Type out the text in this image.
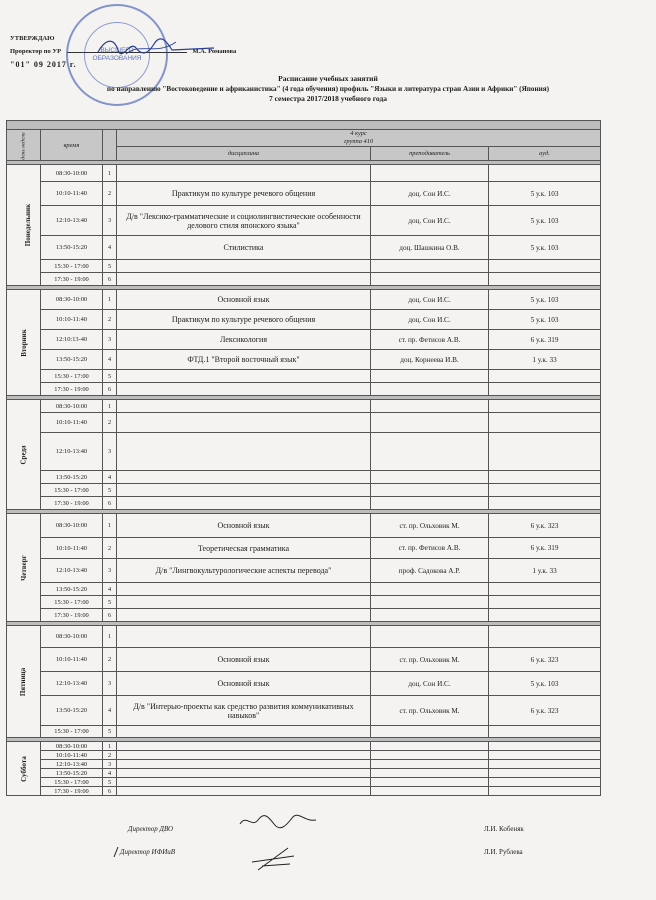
УТВЕРЖДАЮ
Проректор по УР	М.А. Романова
"01" 09 2017 г.
ВЫСШЕГО
ОБРАЗОВАНИЯ
Расписание учебных занятий
по направлению "Востоковедение и африканистика" (4 года обучения) профиль "Языки и литература стран Азии и Африки" (Япония)
7 семестра 2017/2018 учебного года

день недели	время		4 курс
группа 410		

			дисциплина	преподаватель	ауд.

Понедельник	08:30-10:00	1			
	10:10-11:40	2	Практикум по культуре речевого общения	доц. Сон И.С.	5 у.к. 103
	12:10-13:40	3	Д/в "Лексико-грамматические и социолингвистические особенности делового стиля японского языка"	доц. Сон И.С.	5 у.к. 103
	13:50-15:20	4	Стилистика	доц. Шашкина О.В.	5 у.к. 103
	15:30 - 17:00	5			
	17:30 - 19:00	6			

Вторник	08:30-10:00	1	Основной язык	доц. Сон И.С.	5 у.к. 103
	10:10-11:40	2	Практикум по культуре речевого общения	доц. Сон И.С.	5 у.к. 103
	12:10:13-40	3	Лексикология	ст. пр. Фетисов А.В.	6 у.к. 319
	13:50-15:20	4	ФТД.1 "Второй восточный язык"	доц. Корнеева И.В.	1 у.к. 33
	15:30 - 17:00	5			
	17:30 - 19:00	6			

Среда	08:30-10:00	1			
	10:10-11:40	2			
	12:10-13:40	3			
	13:50-15:20	4			
	15:30 - 17:00	5			
	17:30 - 19:00	6			

Четверг	08:30-10:00	1	Основной язык	ст. пр. Ольховик М.	6 у.к. 323
	10:10-11:40	2	Теоретическая грамматика	ст. пр. Фетисов А.В.	6 у.к. 319
	12:10-13:40	3	Д/в "Лингвокультурологические аспекты перевода"	проф. Садокова А.Р.	1 у.к. 33
	13:50-15:20	4			
	15:30 - 17:00	5			
	17:30 - 19:00	6			

Пятница	08:30-10:00	1			
	10:10-11:40	2	Основной язык	ст. пр. Ольховик М.	6 у.к. 323
	12:10-13:40	3	Основной язык	доц. Сон И.С.	5 у.к. 103
	13:50-15:20	4	Д/в "Интерью-проекты как средство развития коммуникативных навыков"	ст. пр. Ольховик М.	6 у.к. 323
	15:30 - 17:00	5			

Суббота	08:30-10:00	1			
	10:10-11:40	2			
	12:10-13:40	3			
	13:50-15:20	4			
	15:30 - 17:00	5			
	17:30 - 19:00	6			
Директор ДВО	Л.И. Кобеняк
Директор ИФИиВ	Л.И. Рублева
